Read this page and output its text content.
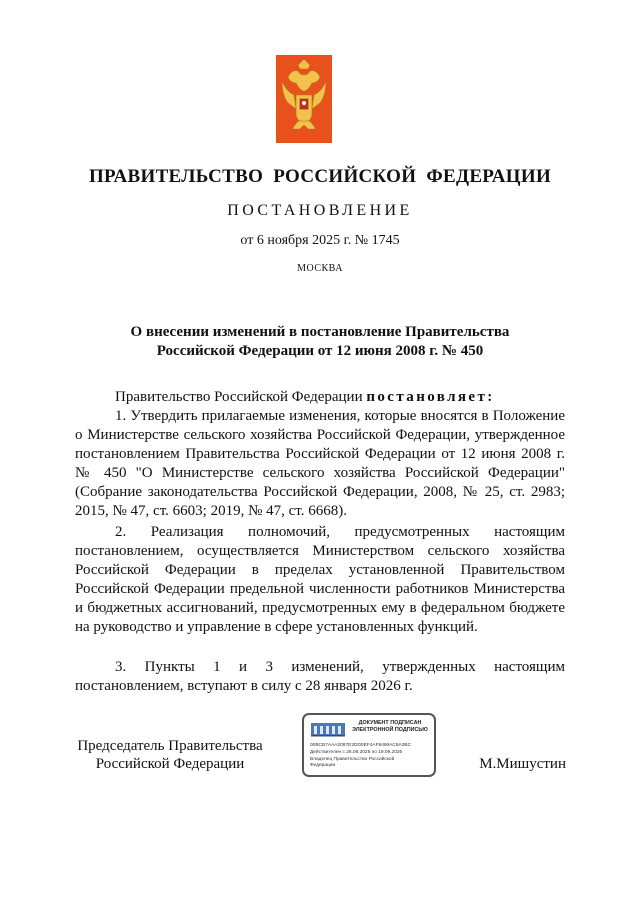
ПРАВИТЕЛЬСТВО РОССИЙСКОЙ ФЕДЕРАЦИИ
ПОСТАНОВЛЕНИЕ
от 6 ноября 2025 г. № 1745
МОСКВА
О внесении изменений в постановление Правительства
Российской Федерации от 12 июня 2008 г. № 450
Правительство Российской Федерации постановляет:
1. Утвердить прилагаемые изменения, которые вносятся в Положение о Министерстве сельского хозяйства Российской Федерации, утвержденное постановлением Правительства Российской Федерации от 12 июня 2008 г. № 450 "О Министерстве сельского хозяйства Российской Федерации" (Собрание законодательства Российской Федерации, 2008, № 25, ст. 2983; 2015, № 47, ст. 6603; 2019, № 47, ст. 6668).
2. Реализация полномочий, предусмотренных настоящим постановлением, осуществляется Министерством сельского хозяйства Российской Федерации в пределах установленной Правительством Российской Федерации предельной численности работников Министерства и бюджетных ассигнований, предусмотренных ему в федеральном бюджете на руководство и управление в сфере установленных функций.
3. Пункты 1 и 3 изменений, утвержденных настоящим постановлением, вступают в силу с 28 января 2026 г.
Председатель Правительства
Российской Федерации
ДОКУМЕНТ ПОДПИСАН
ЭЛЕКТРОННОЙ ПОДПИСЬЮ
00BCB7AAA2097E2DD0EF4AF8469AC8A3BC
Действителен с 26.06.2025 по 19.09.2026
Владелец Правительство Российской
Федерации	М.Мишустин
